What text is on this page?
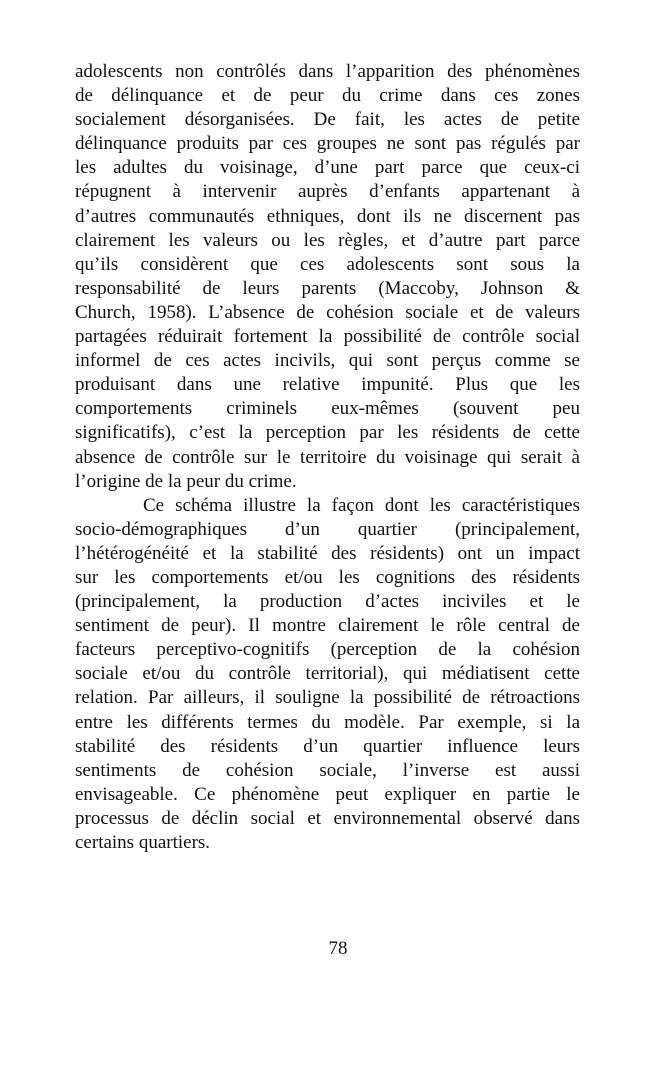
adolescents non contrôlés dans l’apparition des phénomènes
de délinquance et de peur du crime dans ces zones
socialement désorganisées. De fait, les actes de petite
délinquance produits par ces groupes ne sont pas régulés par
les adultes du voisinage, d’une part parce que ceux-ci
répugnent à intervenir auprès d’enfants appartenant à
d’autres communautés ethniques, dont ils ne discernent pas
clairement les valeurs ou les règles, et d’autre part parce
qu’ils considèrent que ces adolescents sont sous la
responsabilité de leurs parents (Maccoby, Johnson &
Church, 1958). L’absence de cohésion sociale et de valeurs
partagées réduirait fortement la possibilité de contrôle social
informel de ces actes incivils, qui sont perçus comme se
produisant dans une relative impunité. Plus que les
comportements criminels eux-mêmes (souvent peu
significatifs), c’est la perception par les résidents de cette
absence de contrôle sur le territoire du voisinage qui serait à
l’origine de la peur du crime.
Ce schéma illustre la façon dont les caractéristiques
socio-démographiques d’un quartier (principalement,
l’hétérogénéité et la stabilité des résidents) ont un impact
sur les comportements et/ou les cognitions des résidents
(principalement, la production d’actes inciviles et le
sentiment de peur). Il montre clairement le rôle central de
facteurs perceptivo-cognitifs (perception de la cohésion
sociale et/ou du contrôle territorial), qui médiatisent cette
relation. Par ailleurs, il souligne la possibilité de rétroactions
entre les différents termes du modèle. Par exemple, si la
stabilité des résidents d’un quartier influence leurs
sentiments de cohésion sociale, l’inverse est aussi
envisageable. Ce phénomène peut expliquer en partie le
processus de déclin social et environnemental observé dans
certains quartiers.
78
